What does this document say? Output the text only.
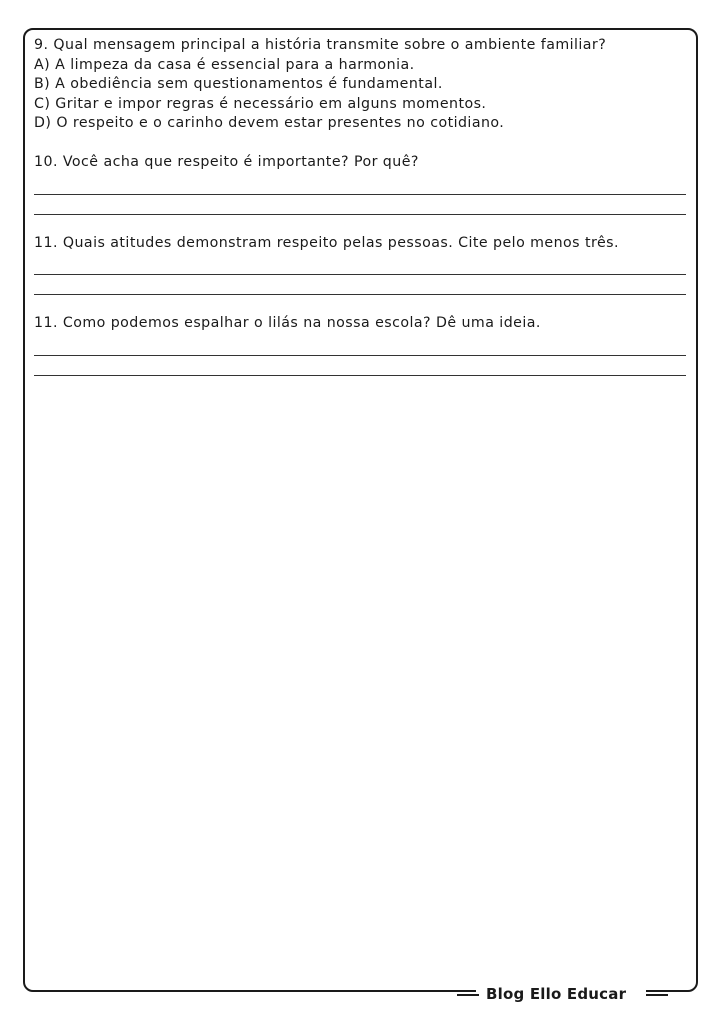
9. Qual mensagem principal a história transmite sobre o ambiente familiar?
A) A limpeza da casa é essencial para a harmonia.
B) A obediência sem questionamentos é fundamental.
C) Gritar e impor regras é necessário em alguns momentos.
D) O respeito e o carinho devem estar presentes no cotidiano.
10. Você acha que respeito é importante? Por quê?
11. Quais atitudes demonstram respeito pelas pessoas. Cite pelo menos três.
11. Como podemos espalhar o lilás na nossa escola? Dê uma ideia.
Blog Ello Educar
